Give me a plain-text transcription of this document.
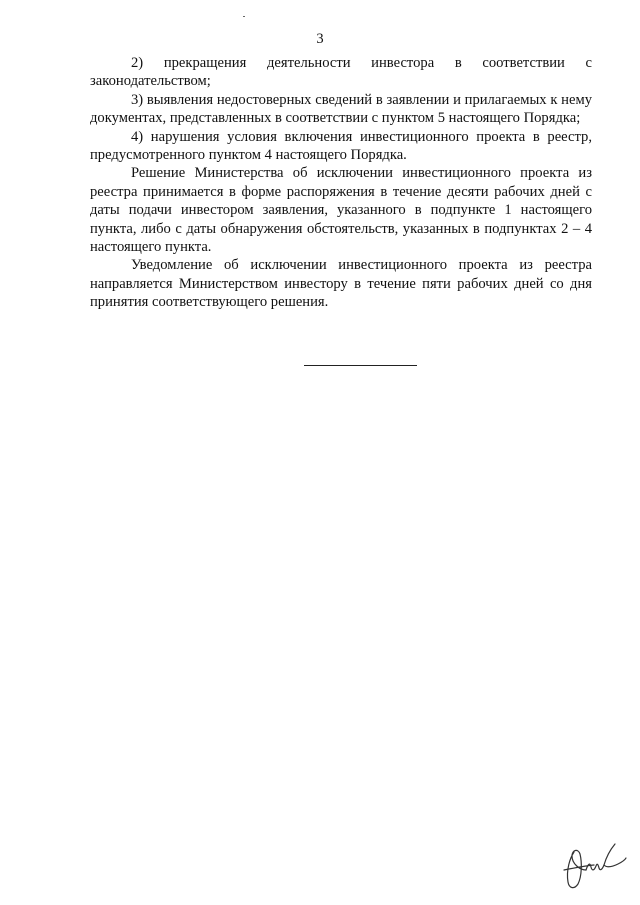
3

2)    прекращения    деятельности    инвестора    в    соответствии    с законодательством;

3) выявления недостоверных сведений в заявлении и прилагаемых к нему документах, представленных в соответствии с пунктом 5 настоящего Порядка;

4) нарушения условия включения инвестиционного проекта в реестр, предусмотренного пунктом 4 настоящего Порядка.

Решение Министерства об исключении инвестиционного проекта из реестра принимается в форме распоряжения в течение десяти рабочих дней с даты подачи инвестором заявления, указанного в подпункте 1 настоящего пункта, либо с даты обнаружения обстоятельств, указанных в подпунктах 2 – 4 настоящего пункта.

Уведомление об исключении инвестиционного проекта из реестра направляется Министерством инвестору в течение пяти рабочих дней со дня принятия соответствующего решения.
